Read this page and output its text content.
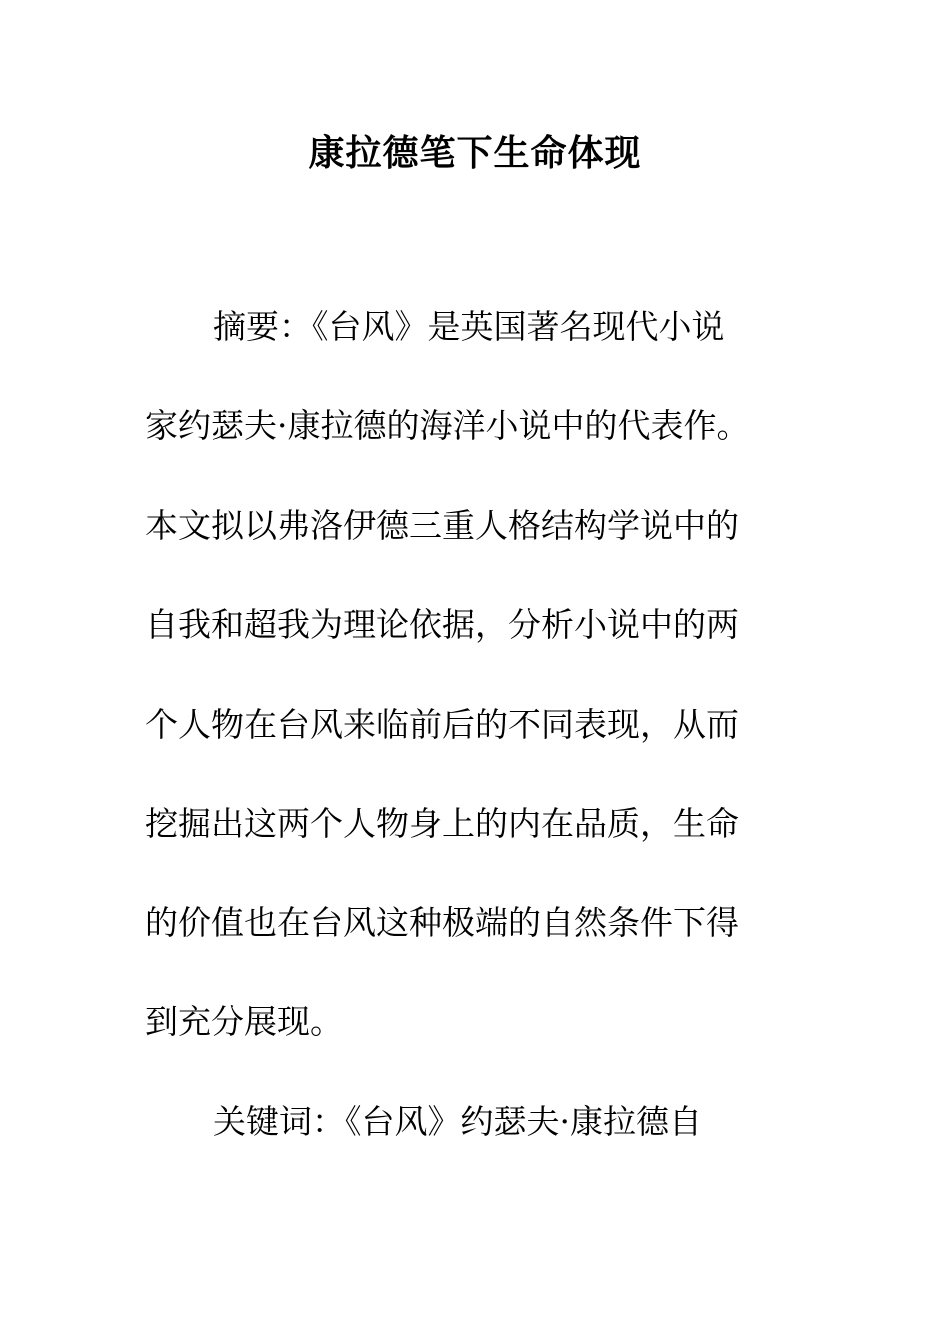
康拉德笔下生命体现
摘要：《台风》是英国著名现代小说
家约瑟夫·康拉德的海洋小说中的代表作。
本文拟以弗洛伊德三重人格结构学说中的
自我和超我为理论依据，分析小说中的两
个人物在台风来临前后的不同表现，从而
挖掘出这两个人物身上的内在品质，生命
的价值也在台风这种极端的自然条件下得
到充分展现。
关键词：《台风》约瑟夫·康拉德自
